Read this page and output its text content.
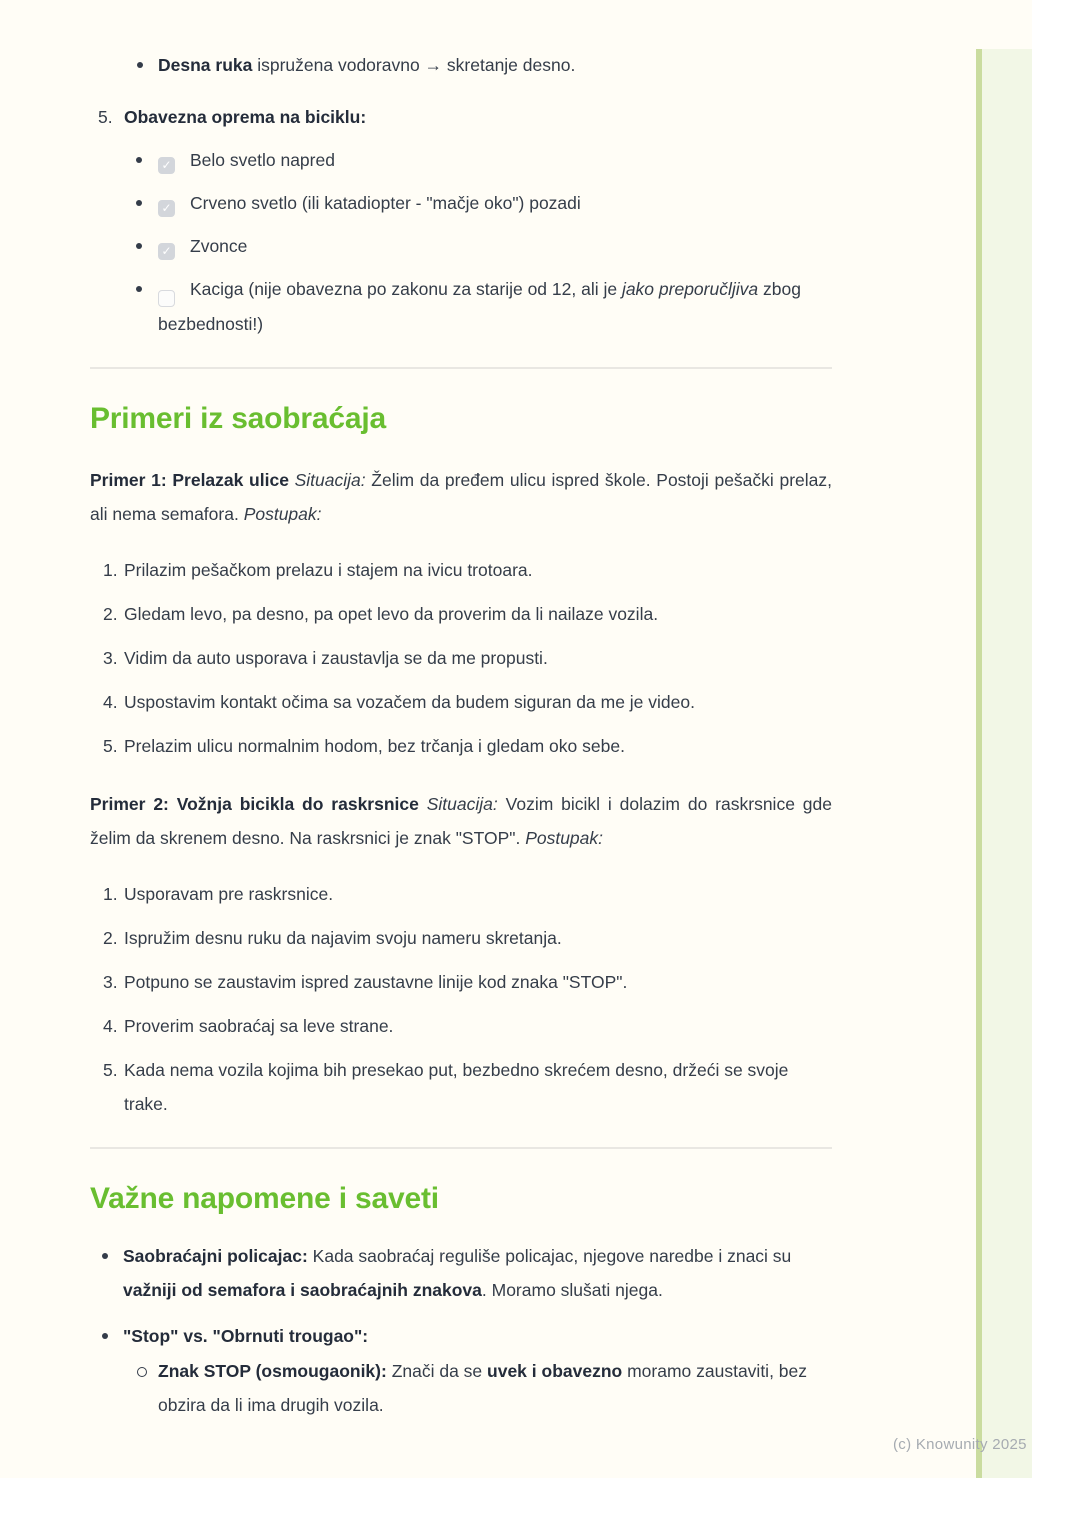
(c) Knowunity 2025
Desna ruka ispružena vodoravno → skretanje desno.
5. Obavezna oprema na biciklu:
✓ Belo svetlo napred
✓ Crveno svetlo (ili katadiopter - "mačje oko") pozadi
✓ Zvonce
Kaciga (nije obavezna po zakonu za starije od 12, ali je jako preporučljiva zbog bezbednosti!)
Primeri iz saobraćaja

Primer 1: Prelazak ulice Situacija: Želim da pređem ulicu ispred škole. Postoji pešački prelaz, ali nema semafora. Postupak:

1. Prilazim pešačkom prelazu i stajem na ivicu trotoara.
2. Gledam levo, pa desno, pa opet levo da proverim da li nailaze vozila.
3. Vidim da auto usporava i zaustavlja se da me propusti.
4. Uspostavim kontakt očima sa vozačem da budem siguran da me je video.
5. Prelazim ulicu normalnim hodom, bez trčanja i gledam oko sebe.

Primer 2: Vožnja bicikla do raskrsnice Situacija: Vozim bicikl i dolazim do raskrsnice gde želim da skrenem desno. Na raskrsnici je znak "STOP". Postupak:

1. Usporavam pre raskrsnice.
2. Ispružim desnu ruku da najavim svoju nameru skretanja.
3. Potpuno se zaustavim ispred zaustavne linije kod znaka "STOP".
4. Proverim saobraćaj sa leve strane.
5. Kada nema vozila kojima bih presekao put, bezbedno skrećem desno, držeći se svoje trake.
Važne napomene i saveti
Saobraćajni policajac: Kada saobraćaj reguliše policajac, njegove naredbe i znaci su važniji od semafora i saobraćajnih znakova. Moramo slušati njega.
"Stop" vs. "Obrnuti trougao":
Znak STOP (osmougaonik): Znači da se uvek i obavezno moramo zaustaviti, bez obzira da li ima drugih vozila.
